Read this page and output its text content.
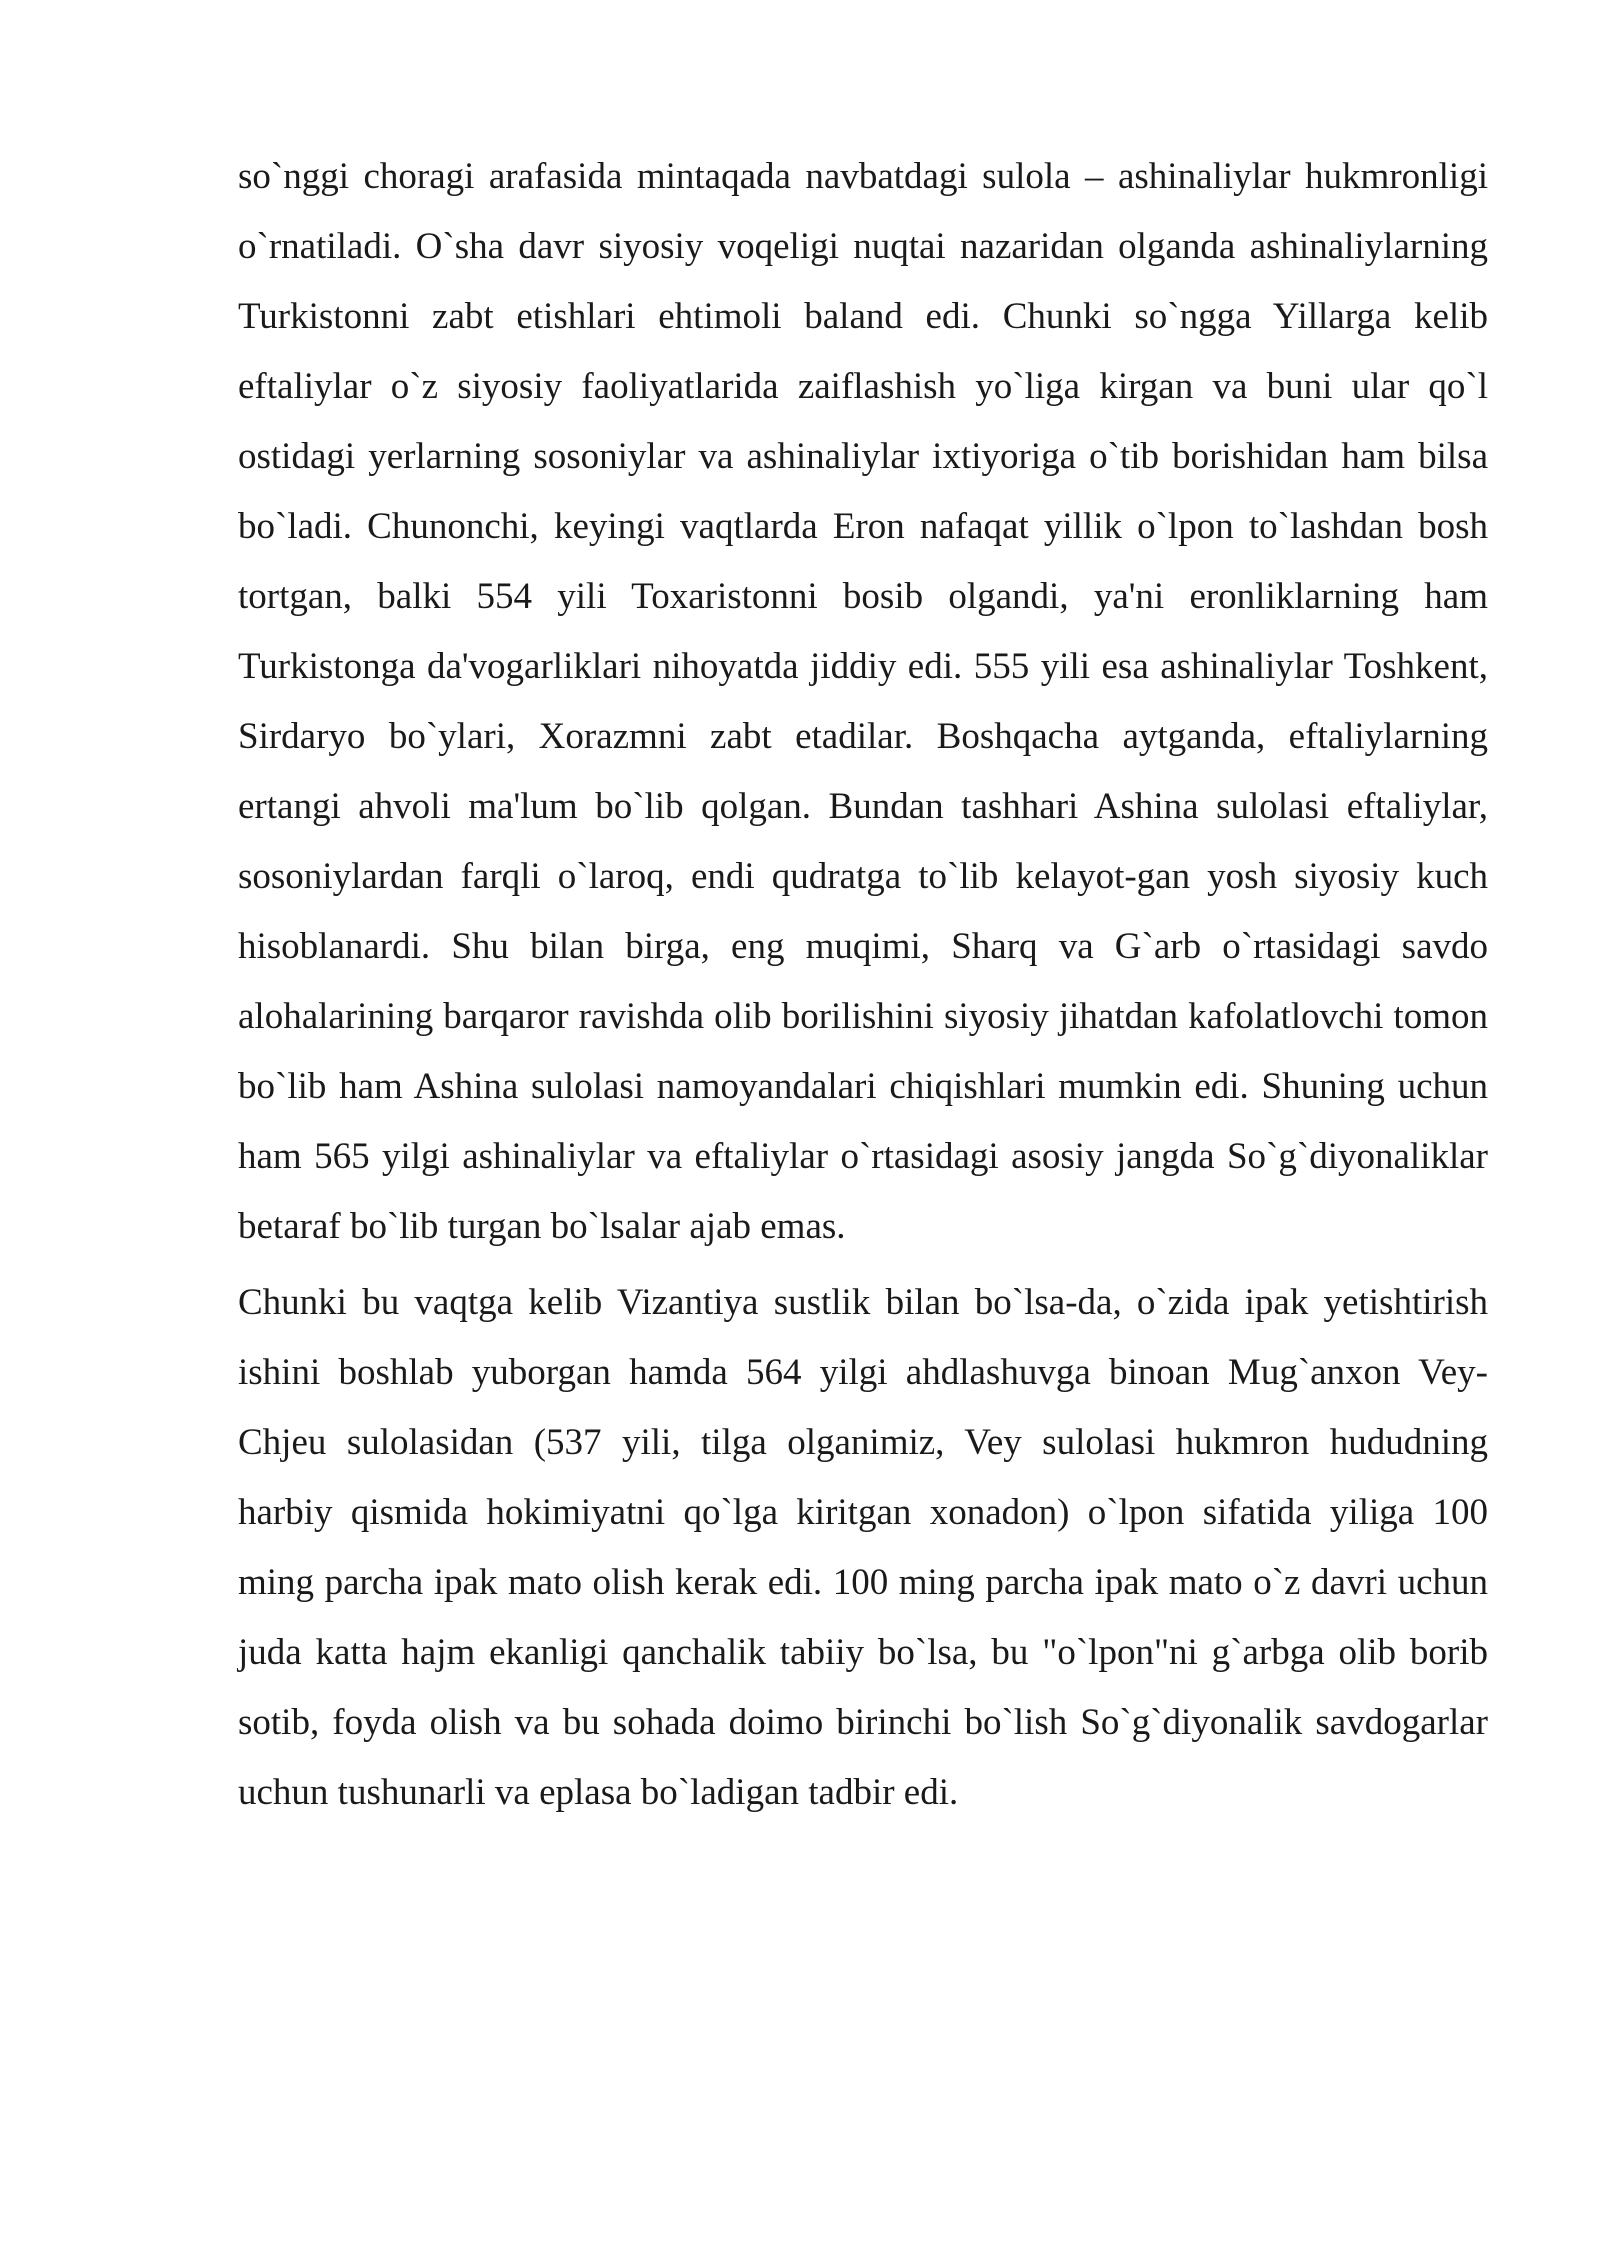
so`nggi choragi arafasida mintaqada navbatdagi sulola – ashinaliylar hukmronligi o`rnatiladi. O`sha davr siyosiy voqeligi nuqtai nazaridan olganda ashinaliylarning Turkistonni zabt etishlari ehtimoli baland edi. Chunki so`ngga Yillarga kelib eftaliylar o`z siyosiy faoliyatlarida zaiflashish yo`liga kirgan va buni ular qo`l ostidagi yerlarning sosoniylar va ashinaliylar ixtiyoriga o`tib borishidan ham bilsa bo`ladi. Chunonchi, keyingi vaqtlarda Eron nafaqat yillik o`lpon to`lashdan bosh tortgan, balki 554 yili Toxaristonni bosib olgandi, ya'ni eronliklarning ham Turkistonga da'vogarliklari nihoyatda jiddiy edi. 555 yili esa ashinaliylar Toshkent, Sirdaryo bo`ylari, Xorazmni zabt etadilar. Boshqacha aytganda, eftaliylarning ertangi ahvoli ma'lum bo`lib qolgan. Bundan tashhari Ashina sulolasi eftaliylar, sosoniylardan farqli o`laroq, endi qudratga to`lib kelayot-gan yosh siyosiy kuch hisoblanardi. Shu bilan birga, eng muqimi, Sharq va G`arb o`rtasidagi savdo alohalarining barqaror ravishda olib borilishini siyosiy jihatdan kafolatlovchi tomon bo`lib ham Ashina sulolasi namoyandalari chiqishlari mumkin edi. Shuning uchun ham 565 yilgi ashinaliylar va eftaliylar o`rtasidagi asosiy jangda So`g`diyonaliklar betaraf bo`lib turgan bo`lsalar ajab emas.

Chunki bu vaqtga kelib Vizantiya sustlik bilan bo`lsa-da, o`zida ipak yetishtirish ishini boshlab yuborgan hamda 564 yilgi ahdlashuvga binoan Mug`anxon Vey-Chjeu sulolasidan (537 yili, tilga olganimiz, Vey sulolasi hukmron hududning harbiy qismida hokimiyatni qo`lga kiritgan xonadon) o`lpon sifatida yiliga 100 ming parcha ipak mato olish kerak edi. 100 ming parcha ipak mato o`z davri uchun juda katta hajm ekanligi qanchalik tabiiy bo`lsa, bu "o`lpon"ni g`arbga olib borib sotib, foyda olish va bu sohada doimo birinchi bo`lish So`g`diyonalik savdogarlar uchun tushunarli va eplasa bo`ladigan tadbir edi.
